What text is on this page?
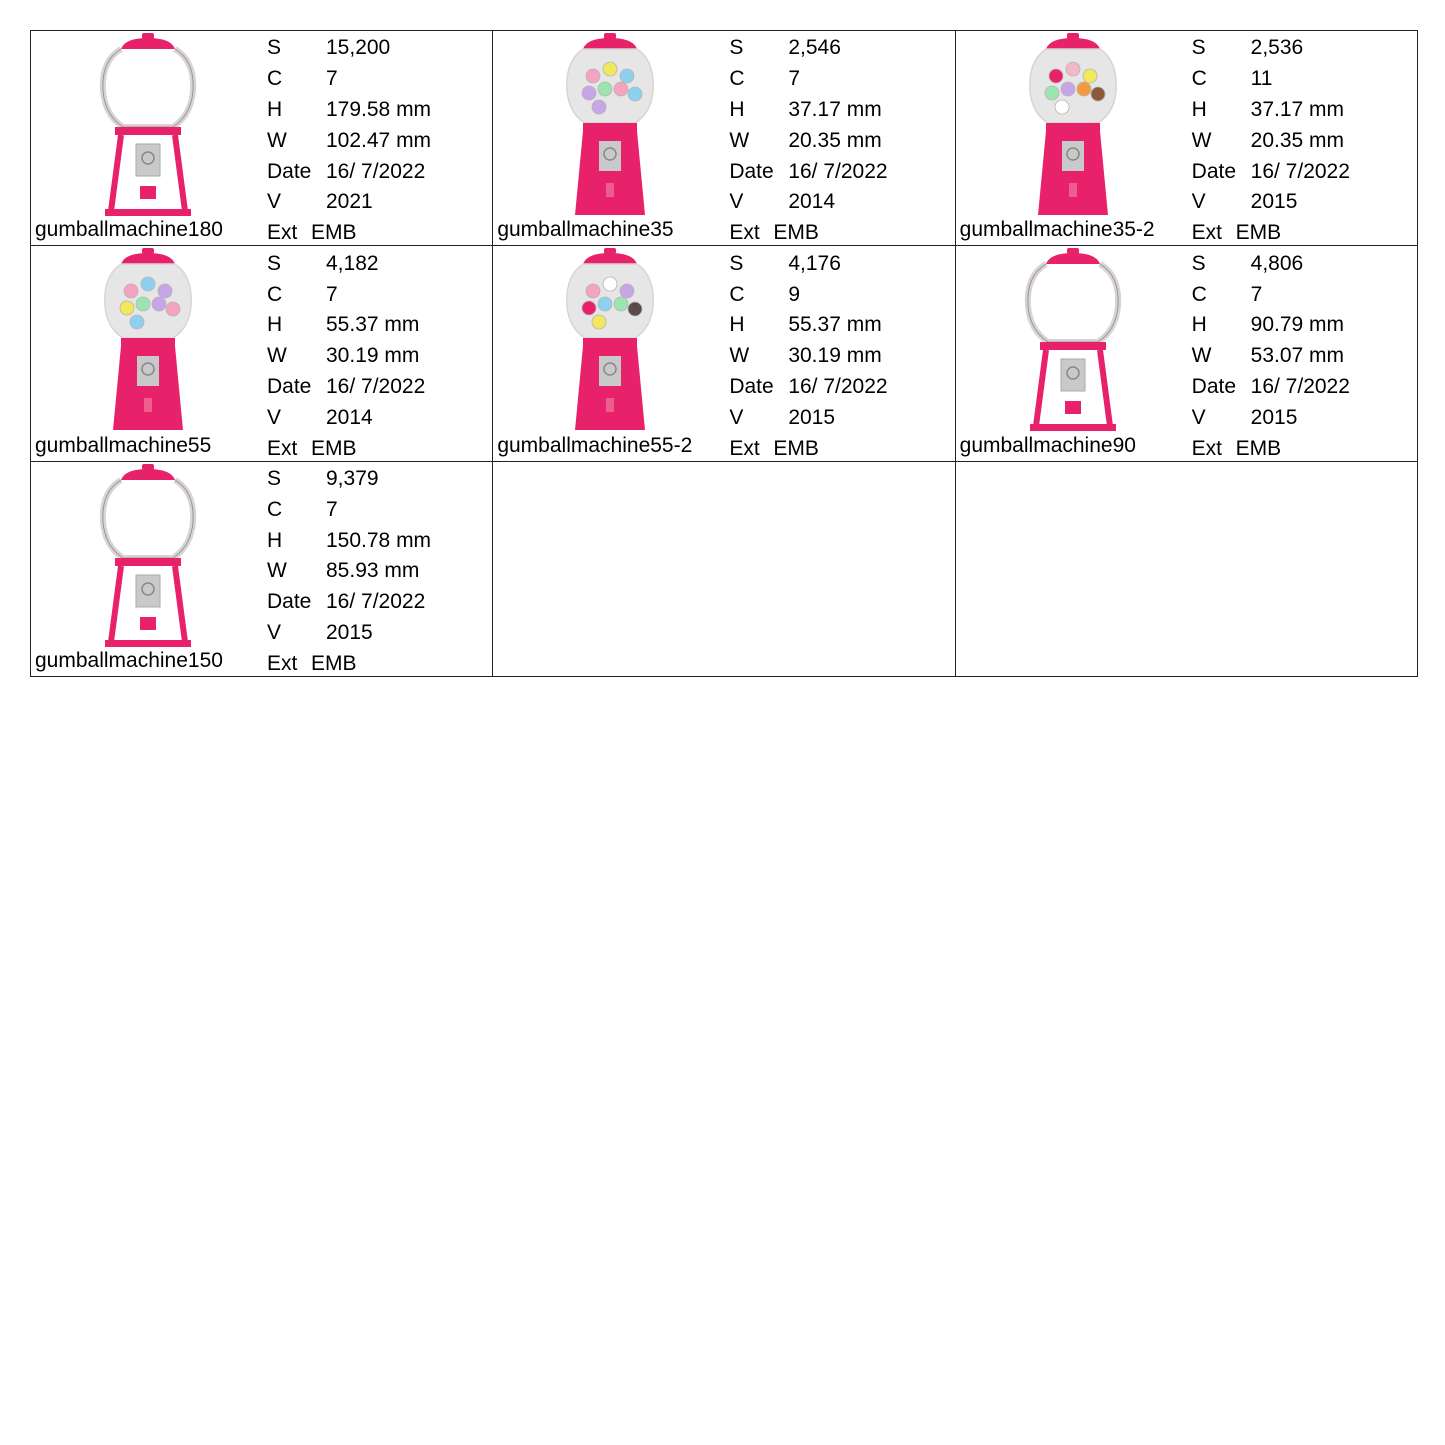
S	15,200
C	7
H	179.58 mm
W	102.47 mm
Date 16/ 7/2022
V	2021
Ext EMB
gumballmachine180
S	2,546
C	7
H	37.17 mm
W	20.35 mm
Date 16/ 7/2022
V	2014
Ext EMB
gumballmachine35
S	2,536
C	11
H	37.17 mm
W	20.35 mm
Date 16/ 7/2022
V	2015
Ext EMB
gumballmachine35-2
S	4,182
C	7
H	55.37 mm
W	30.19 mm
Date 16/ 7/2022
V	2014
Ext EMB
gumballmachine55
S	4,176
C	9
H	55.37 mm
W	30.19 mm
Date 16/ 7/2022
V	2015
Ext EMB
gumballmachine55-2
S	4,806
C	7
H	90.79 mm
W	53.07 mm
Date 16/ 7/2022
V	2015
Ext EMB
gumballmachine90
S	9,379
C	7
H	150.78 mm
W	85.93 mm
Date 16/ 7/2022
V	2015
Ext EMB
gumballmachine150
